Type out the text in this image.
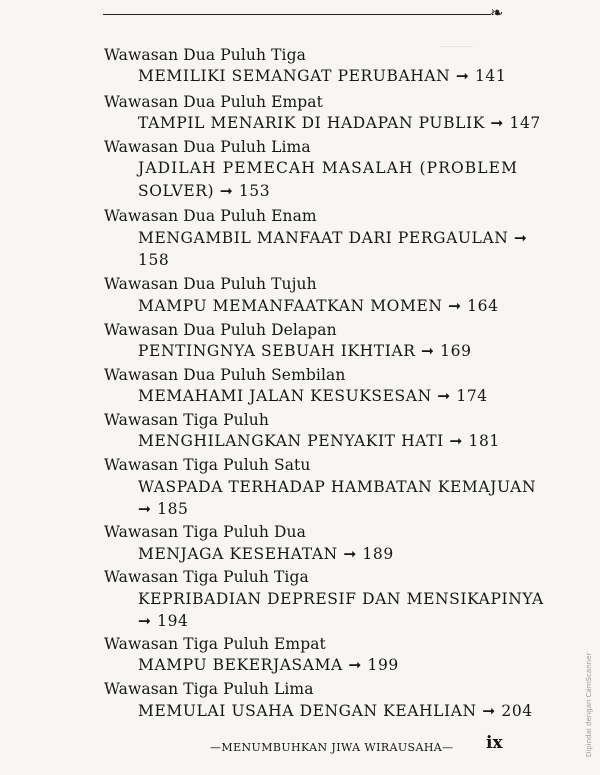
❧
────
Wawasan Dua Puluh Tiga
MEMILIKI SEMANGAT PERUBAHAN ➞ 141
Wawasan Dua Puluh Empat
TAMPIL MENARIK DI HADAPAN PUBLIK ➞ 147
Wawasan Dua Puluh Lima
JADILAH PEMECAH MASALAH (PROBLEM
SOLVER) ➞ 153
Wawasan Dua Puluh Enam
MENGAMBIL MANFAAT DARI PERGAULAN ➞
158
Wawasan Dua Puluh Tujuh
MAMPU MEMANFAATKAN MOMEN ➞ 164
Wawasan Dua Puluh Delapan
PENTINGNYA SEBUAH IKHTIAR ➞ 169
Wawasan Dua Puluh Sembilan
MEMAHAMI JALAN KESUKSESAN ➞ 174
Wawasan Tiga Puluh
MENGHILANGKAN PENYAKIT HATI ➞ 181
Wawasan Tiga Puluh Satu
WASPADA TERHADAP HAMBATAN KEMAJUAN
➞ 185
Wawasan Tiga Puluh Dua
MENJAGA KESEHATAN ➞ 189
Wawasan Tiga Puluh Tiga
KEPRIBADIAN DEPRESIF DAN MENSIKAPINYA
➞ 194
Wawasan Tiga Puluh Empat
MAMPU BEKERJASAMA ➞ 199
Wawasan Tiga Puluh Lima
MEMULAI USAHA DENGAN KEAHLIAN ➞ 204
—MENUMBUHKAN JIWA WIRAUSAHA— ix	Dipindai dengan CamScanner
